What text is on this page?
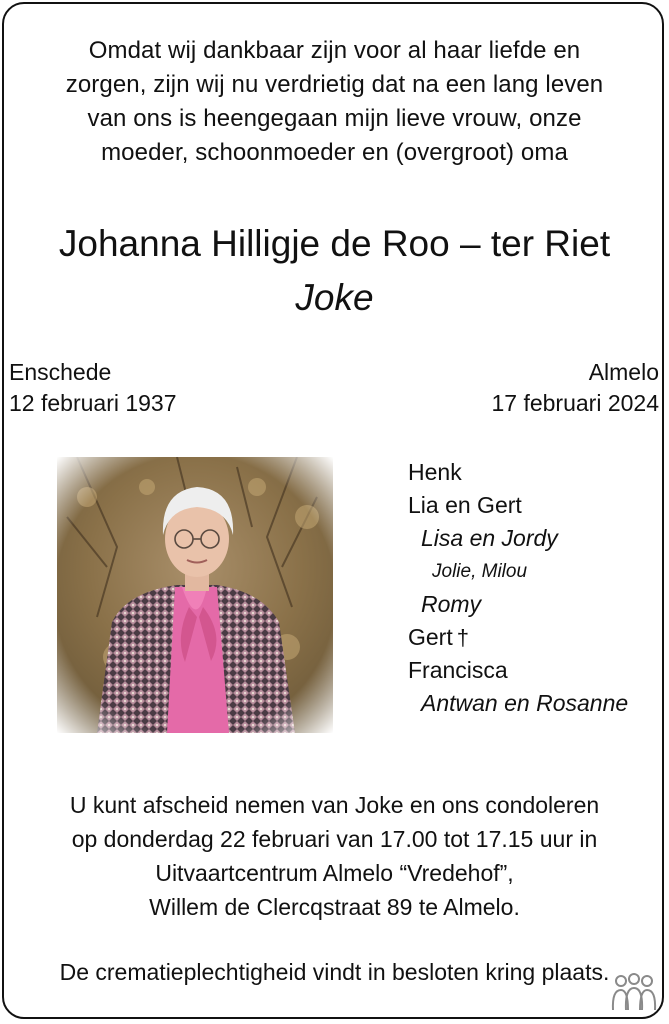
Omdat wij dankbaar zijn voor al haar liefde en
zorgen, zijn wij nu verdrietig dat na een lang leven
van ons is heengegaan mijn lieve vrouw, onze
moeder, schoonmoeder en (overgroot) oma
Johanna Hilligje de Roo – ter Riet
Joke
Enschede
12 februari 1937
Almelo
17 februari 2024
Henk
Lia en Gert
Lisa en Jordy
Jolie, Milou
Romy
Gert †
Francisca
Antwan en Rosanne
U kunt afscheid nemen van Joke en ons condoleren
op donderdag 22 februari van 17.00 tot 17.15 uur in
Uitvaartcentrum Almelo “Vredehof”,
Willem de Clercqstraat 89 te Almelo.
De crematieplechtigheid vindt in besloten kring plaats.
